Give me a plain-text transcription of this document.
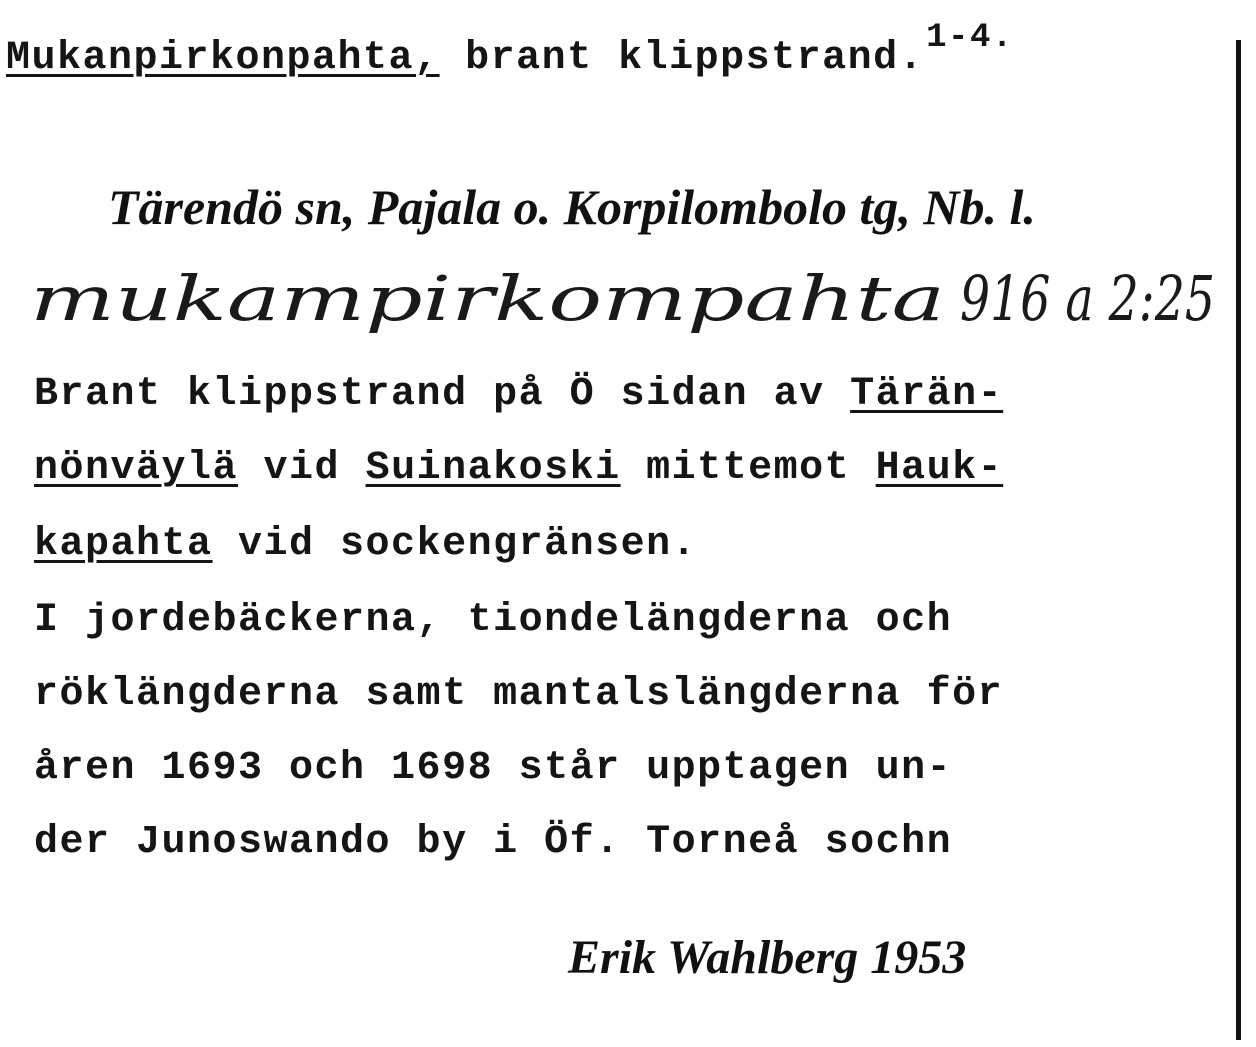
Mukanpirkonpahta, brant klippstrand.$^{1-4.}$
Tärendö sn, Pajala o. Korpilombolo tg, Nb. l.
mukampirkompahta 916 a 2:25
Brant klippstrand på Ö sidan av Tärän-
nönväylä vid Suinakoski mittemot Hauk-
kapahta vid sockengränsen.
I jordebäckerna, tiondelängderna och
röklängderna samt mantalslängderna för
åren 1693 och 1698 står upptagen un-
der Junoswando by i Öf. Torneå sochn
Erik Wahlberg 1953
